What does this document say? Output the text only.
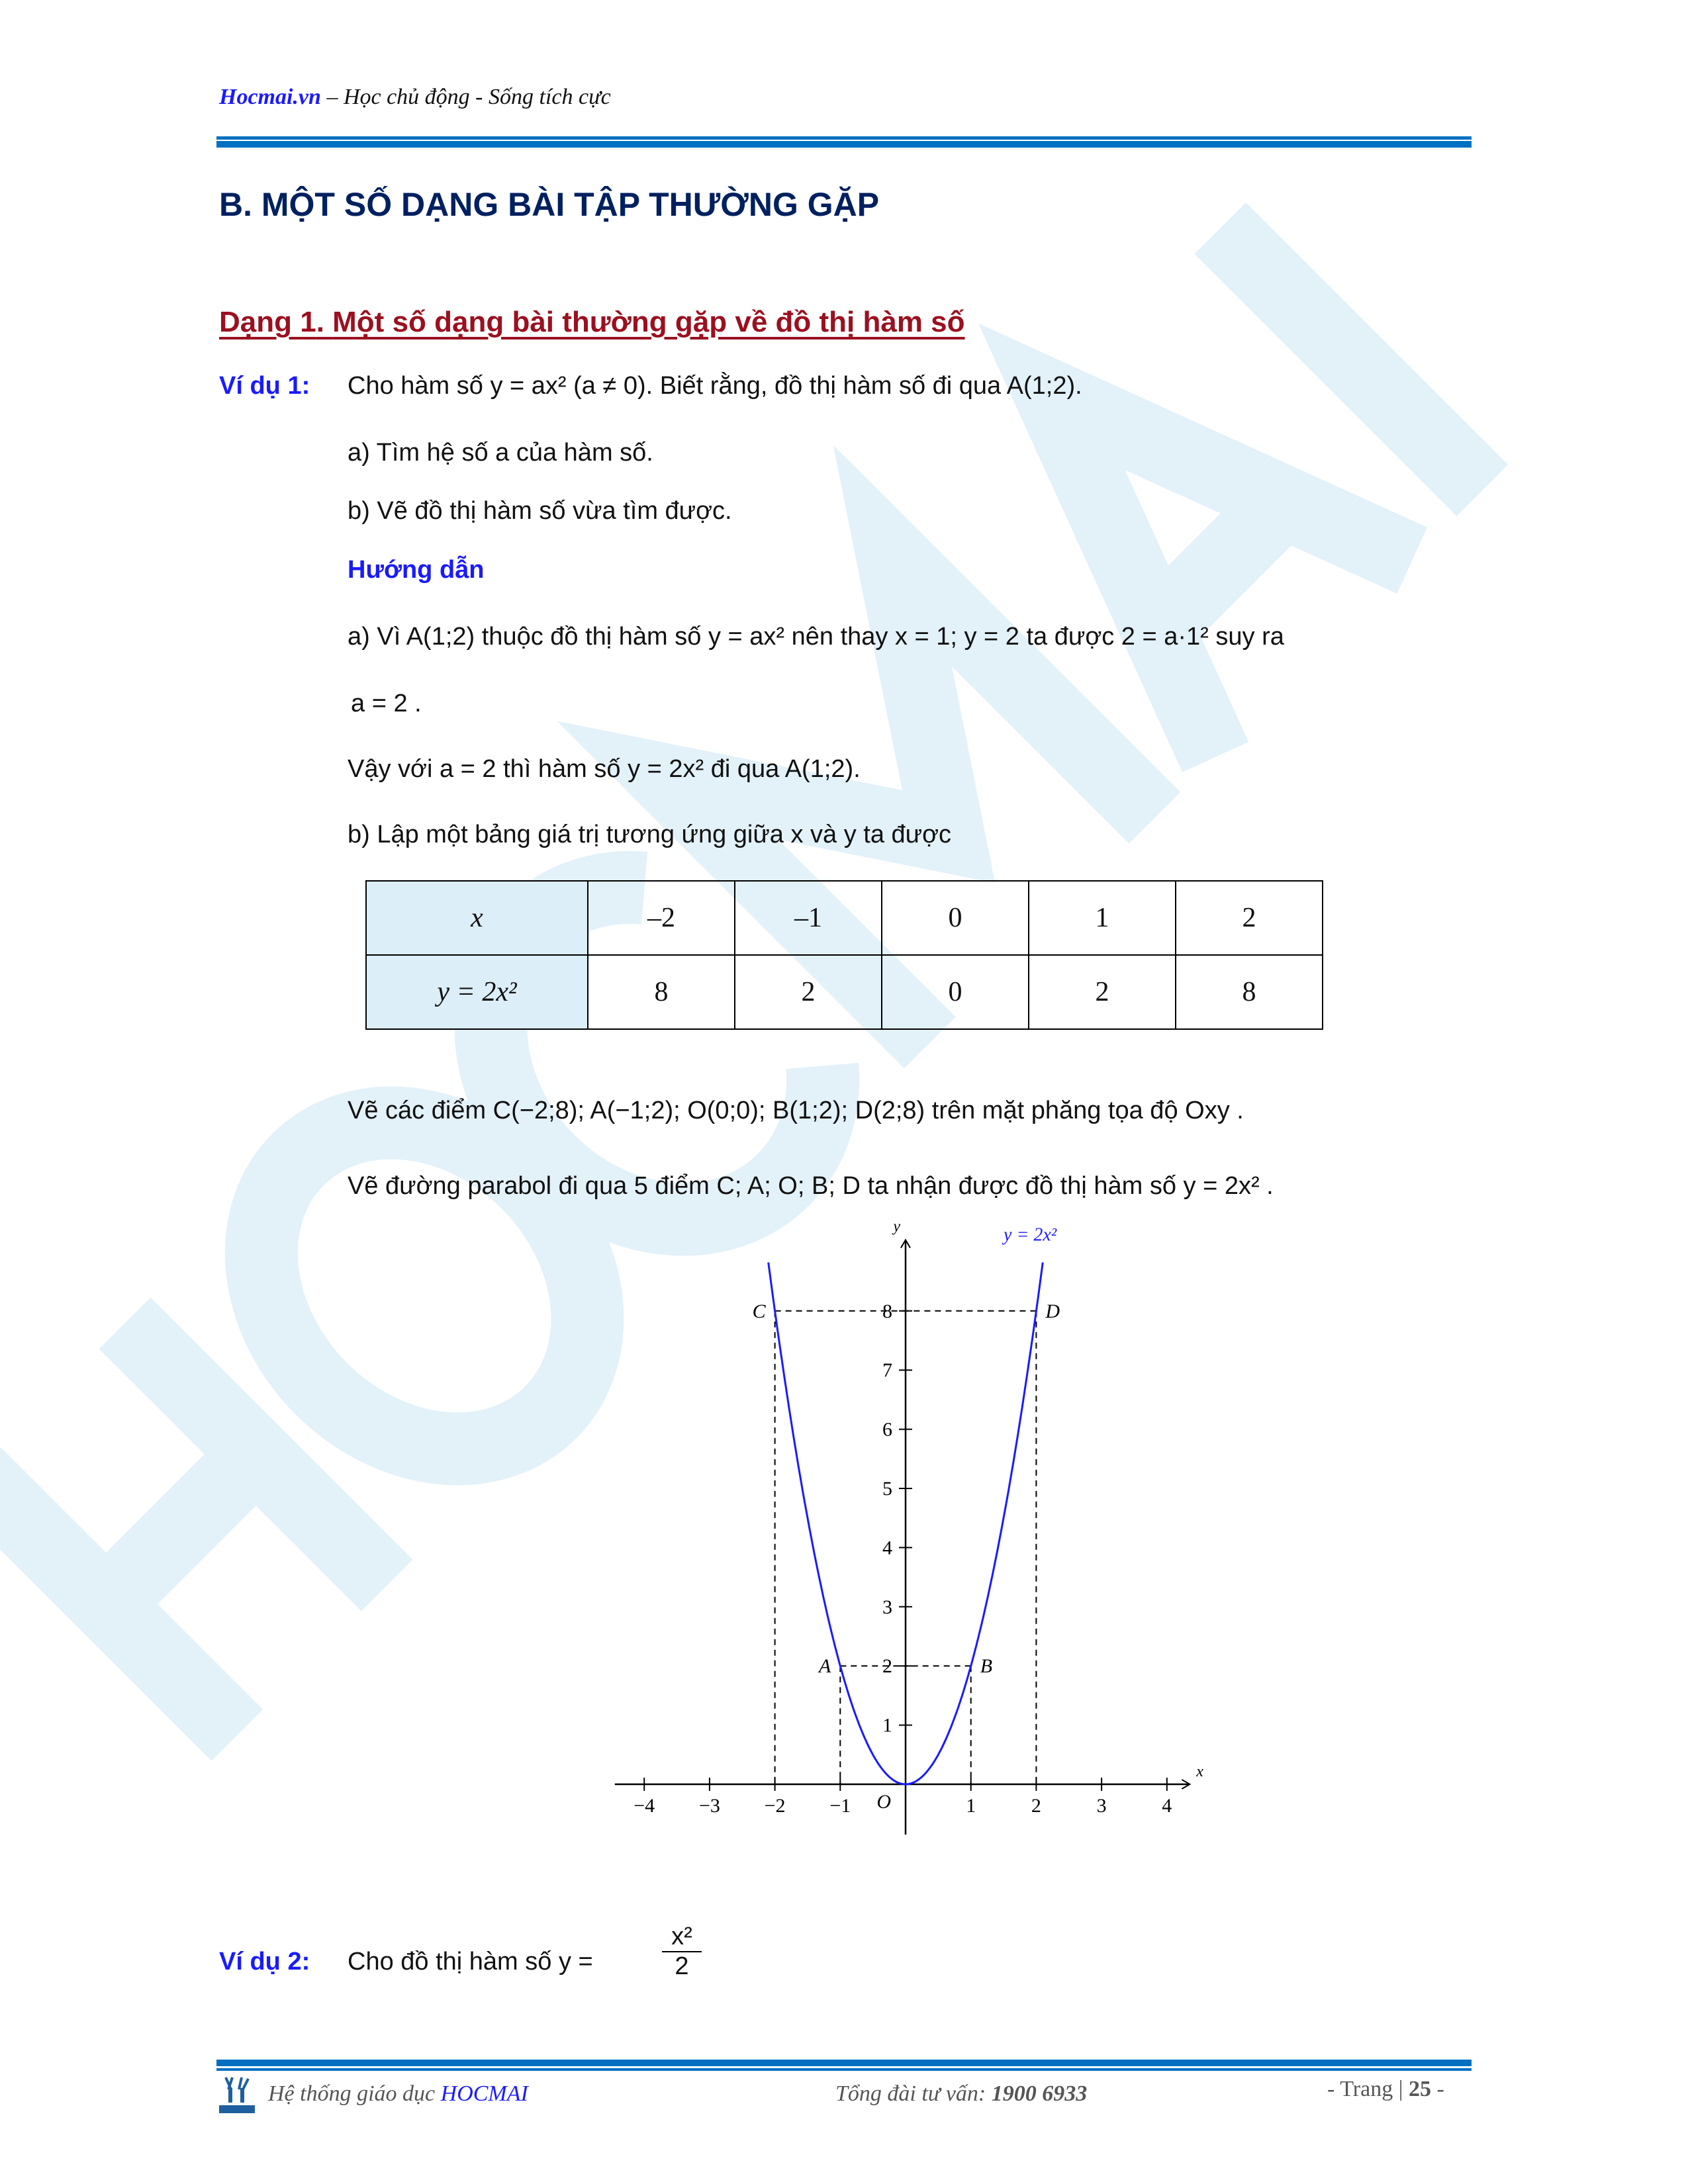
Hocmai.vn – Học chủ động - Sống tích cực
B. MỘT SỐ DẠNG BÀI TẬP THƯỜNG GẶP
Dạng 1. Một số dạng bài thường gặp về đồ thị hàm số
Ví dụ 1: Cho hàm số y = ax² (a ≠ 0). Biết rằng, đồ thị hàm số đi qua A(1;2).
a) Tìm hệ số a của hàm số.
b) Vẽ đồ thị hàm số vừa tìm được.
Hướng dẫn
a) Vì A(1;2) thuộc đồ thị hàm số y = ax² nên thay x = 1; y = 2 ta được 2 = a·1² suy ra
a = 2 .
Vậy với a = 2 thì hàm số y = 2x² đi qua A(1;2).
b) Lập một bảng giá trị tương ứng giữa x và y ta được
x	–2	–1	0	1	2
y = 2x²	8	2	0	2	8
Vẽ các điểm C(−2;8); A(−1;2); O(0;0); B(1;2); D(2;8) trên mặt phăng tọa độ Oxy .
Vẽ đường parabol đi qua 5 điểm C; A; O; B; D ta nhận được đồ thị hàm số y = 2x² .
x
y
−4 −3 −2 −1	1	2	3	4
1
2
3
4
5
6
7
8
O
C
A	B
D
y = 2x²
Ví dụ 2: Cho đồ thị hàm số y =	$\frac{\text{x²}}{2}$
Hệ thống giáo dục HOCMAI	Tổng đài tư vấn: 1900 6933	- Trang | 25 -
